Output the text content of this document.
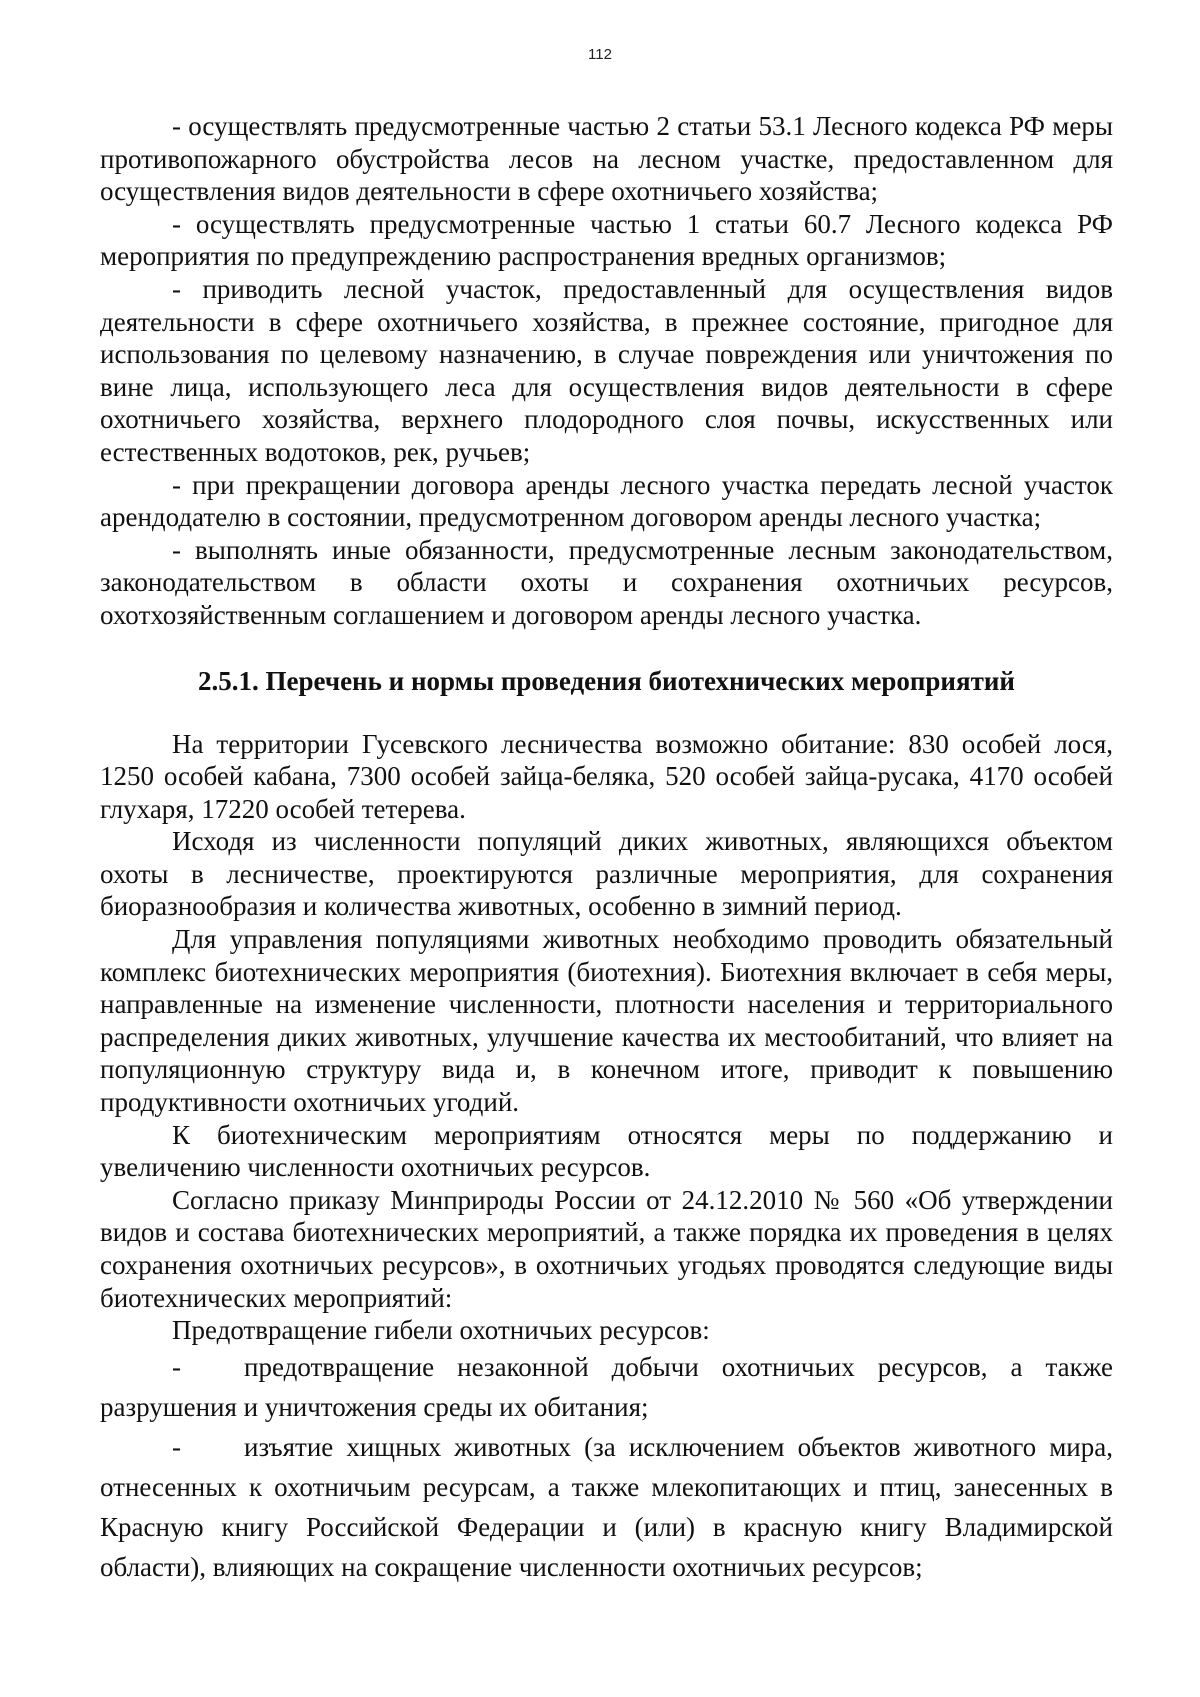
112

- осуществлять предусмотренные частью 2 статьи 53.1 Лесного кодекса РФ меры противопожарного обустройства лесов на лесном участке, предоставленном для осуществления видов деятельности в сфере охотничьего хозяйства;

- осуществлять предусмотренные частью 1 статьи 60.7 Лесного кодекса РФ мероприятия по предупреждению распространения вредных организмов;

- приводить лесной участок, предоставленный для осуществления видов деятельности в сфере охотничьего хозяйства, в прежнее состояние, пригодное для использования по целевому назначению, в случае повреждения или уничтожения по вине лица, использующего леса для осуществления видов деятельности в сфере охотничьего хозяйства, верхнего плодородного слоя почвы, искусственных или естественных водотоков, рек, ручьев;

- при прекращении договора аренды лесного участка передать лесной участок арендодателю в состоянии, предусмотренном договором аренды лесного участка;

- выполнять иные обязанности, предусмотренные лесным законодательством, законодательством в области охоты и сохранения охотничьих ресурсов, охотхозяйственным соглашением и договором аренды лесного участка.

2.5.1. Перечень и нормы проведения биотехнических мероприятий

На территории Гусевского лесничества возможно обитание: 830 особей лося, 1250 особей кабана, 7300 особей зайца-беляка, 520 особей зайца-русака, 4170 особей глухаря, 17220 особей тетерева.

Исходя из численности популяций диких животных, являющихся объектом охоты в лесничестве, проектируются различные мероприятия, для сохранения биоразнообразия и количества животных, особенно в зимний период.

Для управления популяциями животных необходимо проводить обязательный комплекс биотехнических мероприятия (биотехния). Биотехния включает в себя меры, направленные на изменение численности, плотности населения и территориального распределения диких животных, улучшение качества их местообитаний, что влияет на популяционную структуру вида и, в конечном итоге, приводит к повышению продуктивности охотничьих угодий.

К биотехническим мероприятиям относятся меры по поддержанию и увеличению численности охотничьих ресурсов.

Согласно приказу Минприроды России от 24.12.2010 № 560 «Об утверждении видов и состава биотехнических мероприятий, а также порядка их проведения в целях сохранения охотничьих ресурсов», в охотничьих угодьях проводятся следующие виды биотехнических мероприятий:

Предотвращение гибели охотничьих ресурсов:

- предотвращение незаконной добычи охотничьих ресурсов, а также разрушения и уничтожения среды их обитания;

- изъятие хищных животных (за исключением объектов животного мира, отнесенных к охотничьим ресурсам, а также млекопитающих и птиц, занесенных в Красную книгу Российской Федерации и (или) в красную книгу Владимирской области), влияющих на сокращение численности охотничьих ресурсов;
